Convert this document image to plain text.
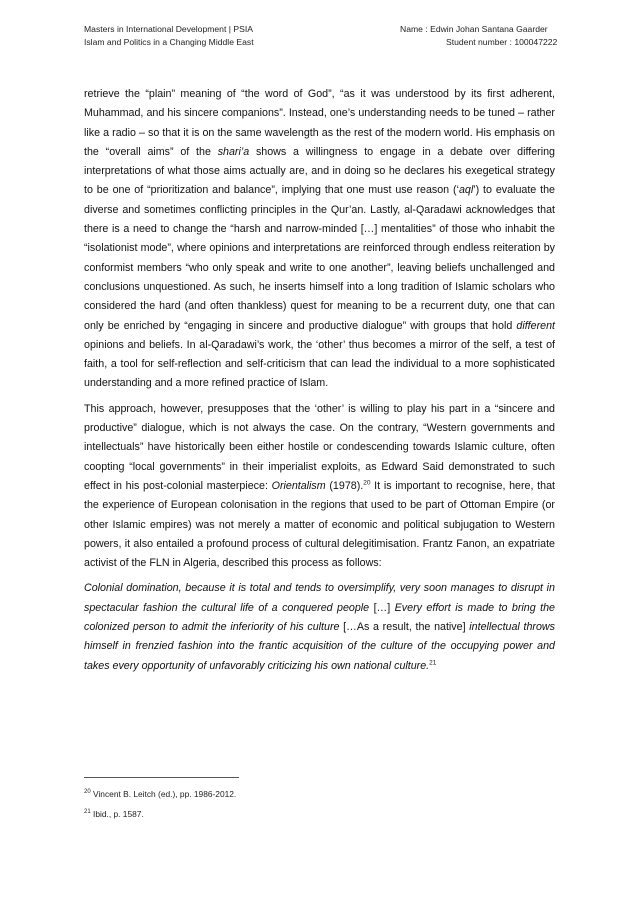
Masters in International Development | PSIA
Islam and Politics in a Changing Middle East
Name : Edwin Johan Santana Gaarder
Student number : 100047222

retrieve the “plain” meaning of “the word of God”, “as it was understood by its first adherent, Muhammad, and his sincere companions”. Instead, one’s understanding needs to be tuned – rather like a radio – so that it is on the same wavelength as the rest of the modern world. His emphasis on the “overall aims” of the shari’a shows a willingness to engage in a debate over differing interpretations of what those aims actually are, and in doing so he declares his exegetical strategy to be one of “prioritization and balance”, implying that one must use reason (‘aql’) to evaluate the diverse and sometimes conflicting principles in the Qur’an. Lastly, al-Qaradawi acknowledges that there is a need to change the “harsh and narrow-minded […] mentalities” of those who inhabit the “isolationist mode”, where opinions and interpretations are reinforced through endless reiteration by conformist members “who only speak and write to one another”, leaving beliefs unchallenged and conclusions unquestioned. As such, he inserts himself into a long tradition of Islamic scholars who considered the hard (and often thankless) quest for meaning to be a recurrent duty, one that can only be enriched by “engaging in sincere and productive dialogue” with groups that hold different opinions and beliefs. In al-Qaradawi’s work, the ‘other’ thus becomes a mirror of the self, a test of faith, a tool for self-reflection and self-criticism that can lead the individual to a more sophisticated understanding and a more refined practice of Islam.

This approach, however, presupposes that the ‘other’ is willing to play his part in a “sincere and productive” dialogue, which is not always the case. On the contrary, “Western governments and intellectuals” have historically been either hostile or condescending towards Islamic culture, often coopting “local governments” in their imperialist exploits, as Edward Said demonstrated to such effect in his post-colonial masterpiece: Orientalism (1978).$^{20}$ It is important to recognise, here, that the experience of European colonisation in the regions that used to be part of Ottoman Empire (or other Islamic empires) was not merely a matter of economic and political subjugation to Western powers, it also entailed a profound process of cultural delegitimisation. Frantz Fanon, an expatriate activist of the FLN in Algeria, described this process as follows:

Colonial domination, because it is total and tends to oversimplify, very soon manages to disrupt in spectacular fashion the cultural life of a conquered people […] Every effort is made to bring the colonized person to admit the inferiority of his culture […As a result, the native] intellectual throws himself in frenzied fashion into the frantic acquisition of the culture of the occupying power and takes every opportunity of unfavorably criticizing his own national culture.$^{21}$

$^{20}$ Vincent B. Leitch (ed.), pp. 1986-2012.
$^{21}$ Ibid., p. 1587.
